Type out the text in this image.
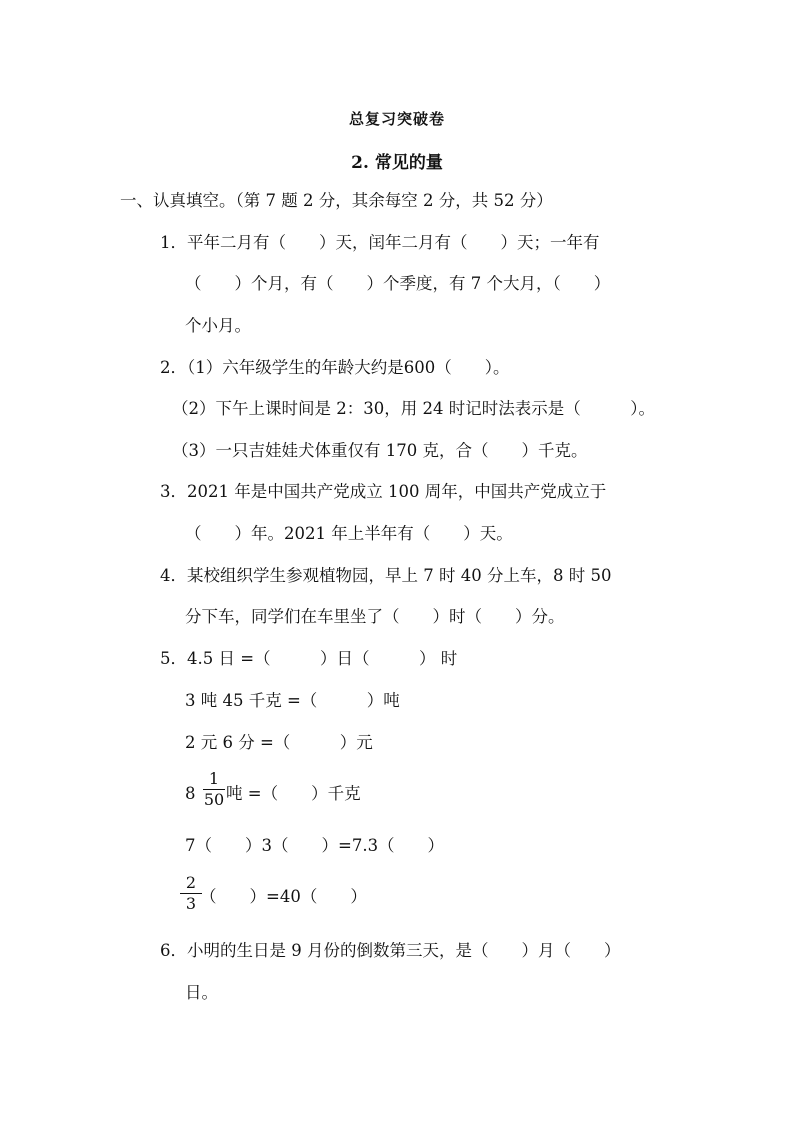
总复习突破卷
2. 常见的量
一、认真填空。（第 7 题 2 分，其余每空 2 分，共 52 分）
1．平年二月有（　　）天，闰年二月有（　　）天；一年有
（　　）个月，有（　　）个季度，有 7 个大月，（　　）
个小月。
2．（1）六年级学生的年龄大约是600（　　）。
（2）下午上课时间是 2：30，用 24 时记时法表示是（　　　）。
（3）一只吉娃娃犬体重仅有 170 克，合（　　）千克。
3．2021 年是中国共产党成立 100 周年，中国共产党成立于
（　　）年。2021 年上半年有（　　）天。
4．某校组织学生参观植物园，早上 7 时 40 分上车，8 时 50
分下车，同学们在车里坐了（　　）时（　　）分。
5．4.5 日 =（　　　）日（　　　） 时
3 吨 45 千克 =（　　　）吨
2 元 6 分 =（　　　）元
8
1
50 吨 =（　　）千克
7（　　）3（　　）=7.3（　　）
2
3 （　　）=40（　　）
6．小明的生日是 9 月份的倒数第三天，是（　　）月（　　）
日。
